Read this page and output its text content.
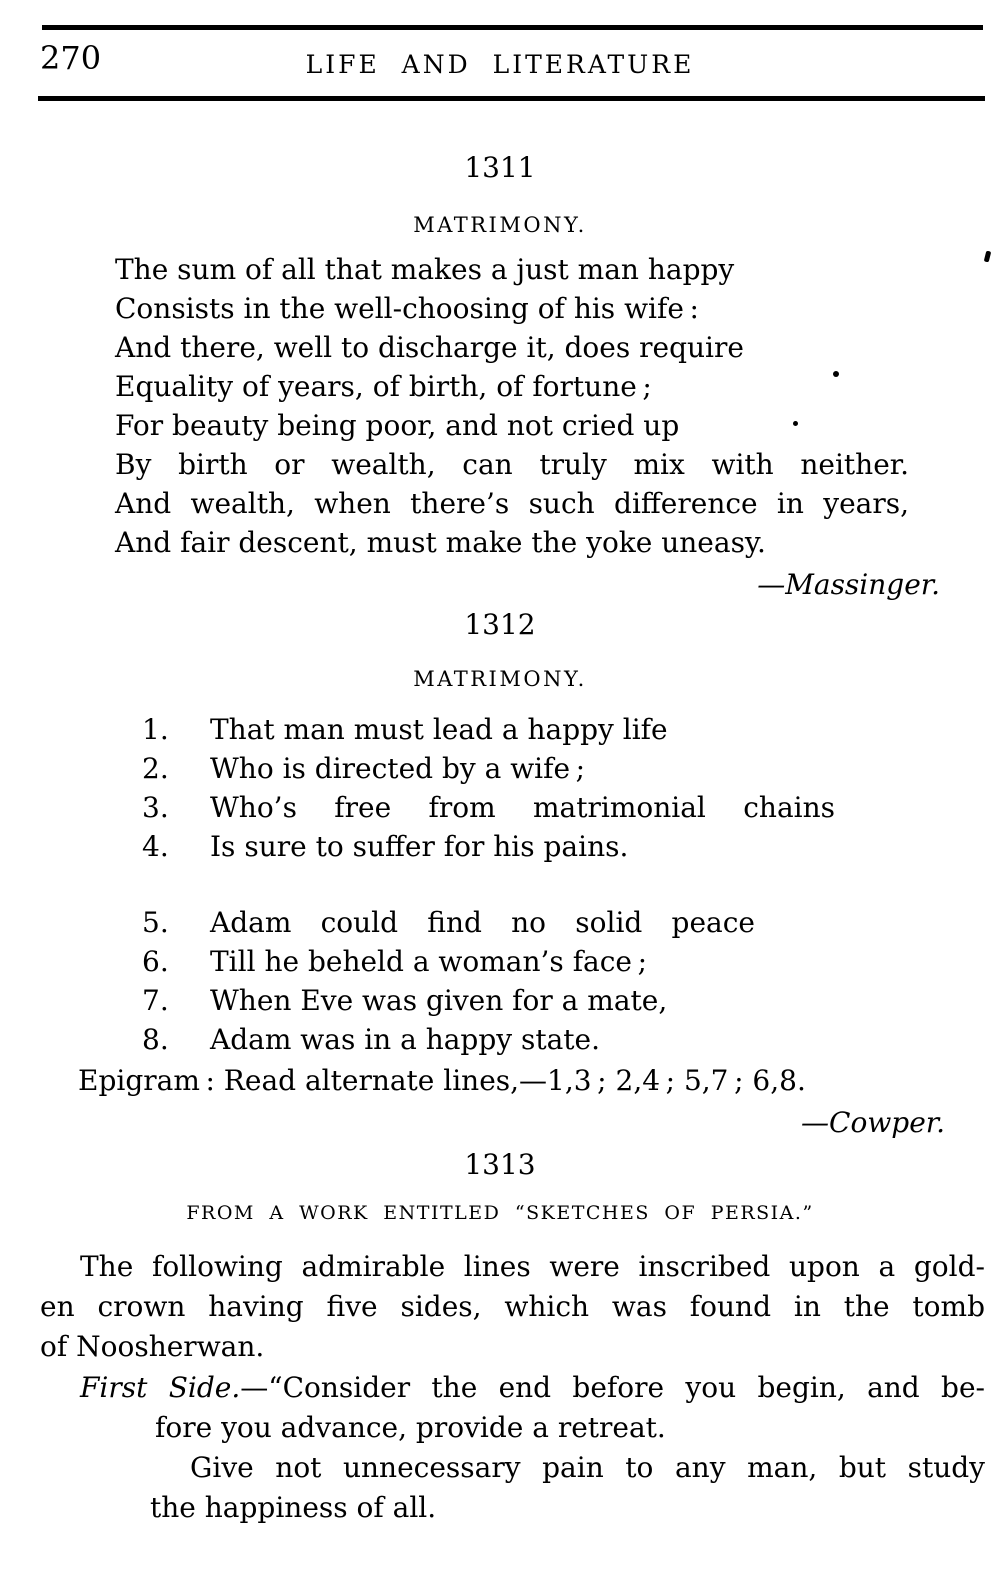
270	LIFE AND LITERATURE
1311
MATRIMONY.
The sum of all that makes a just man happy
Consists in the well-choosing of his wife :
And there, well to discharge it, does require
Equality of years, of birth, of fortune ;
For beauty being poor, and not cried up
By birth or wealth, can truly mix with neither.
And wealth, when there’s such difference in years,
And fair descent, must make the yoke uneasy.
—Massinger.
1312
MATRIMONY.
1.	That man must lead a happy life
2.	Who is directed by a wife ;
3.	Who’s free from matrimonial chains
4.	Is sure to suffer for his pains.
5.	Adam could find no solid peace
6.	Till he beheld a woman’s face ;
7.	When Eve was given for a mate,
8.	Adam was in a happy state.
Epigram : Read alternate lines,—1,3 ; 2,4 ; 5,7 ; 6,8.
—Cowper.
1313
FROM A WORK ENTITLED “SKETCHES OF PERSIA.”
The following admirable lines were inscribed upon a gold-
en crown having five sides, which was found in the tomb
of Noosherwan.
First Side.—“Consider the end before you begin, and be-
fore you advance, provide a retreat.
Give not unnecessary pain to any man, but study
the happiness of all.
